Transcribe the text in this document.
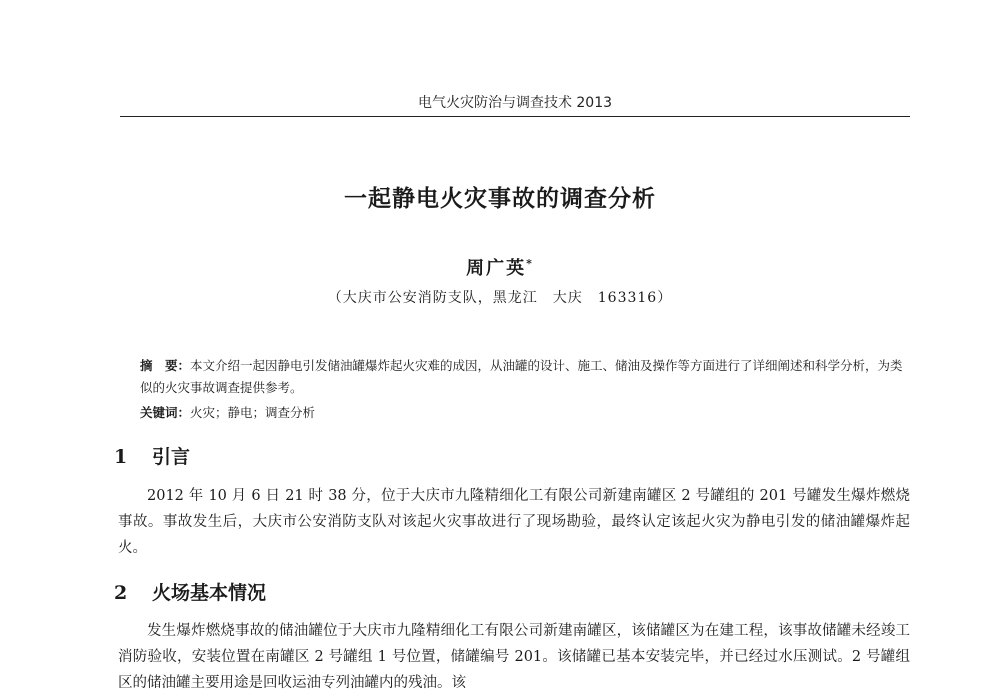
电气火灾防治与调查技术 2013
一起静电火灾事故的调查分析
周广英*
（大庆市公安消防支队，黑龙江　大庆　163316）

摘　要：本文介绍一起因静电引发储油罐爆炸起火灾难的成因，从油罐的设计、施工、储油及操作等方面进行了详细阐述和科学分析，为类似的火灾事故调查提供参考。

关键词：火灾；静电；调查分析
1 引言

2012 年 10 月 6 日 21 时 38 分，位于大庆市九隆精细化工有限公司新建南罐区 2 号罐组的 201 号罐发生爆炸燃烧事故。事故发生后，大庆市公安消防支队对该起火灾事故进行了现场勘验，最终认定该起火灾为静电引发的储油罐爆炸起火。

2 火场基本情况

发生爆炸燃烧事故的储油罐位于大庆市九隆精细化工有限公司新建南罐区，该储罐区为在建工程，该事故储罐未经竣工消防验收，安装位置在南罐区 2 号罐组 1 号位置，储罐编号 201。该储罐已基本安装完毕，并已经过水压测试。2 号罐组区的储油罐主要用途是回收运油专列油罐内的残油。该
